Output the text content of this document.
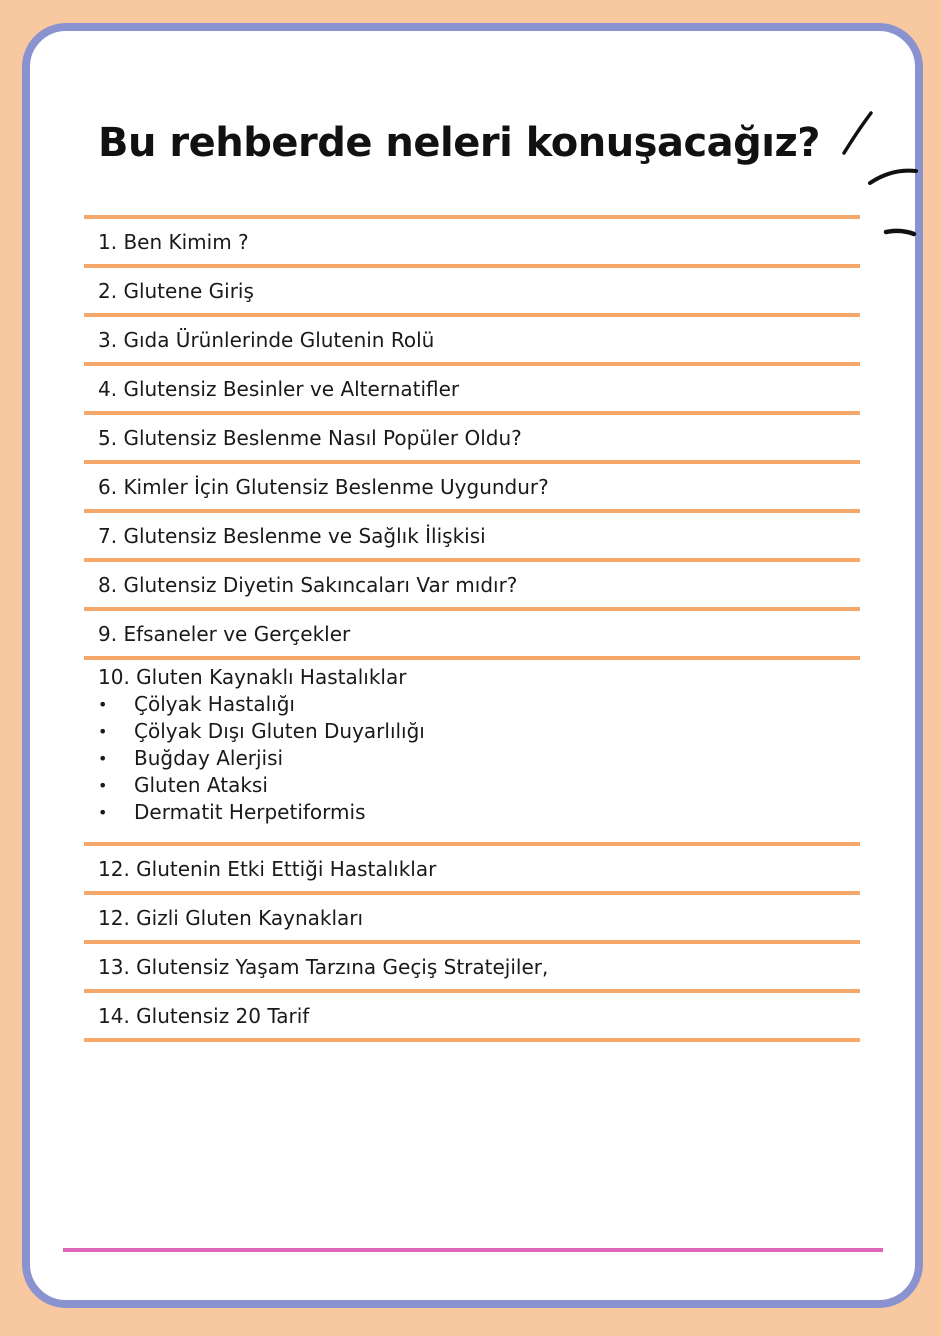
Bu rehberde neleri konuşacağız?
1. Ben Kimim ?
2. Glutene Giriş
3. Gıda Ürünlerinde Glutenin Rolü
4. Glutensiz Besinler ve Alternatifler
5. Glutensiz Beslenme Nasıl Popüler Oldu?
6. Kimler İçin Glutensiz Beslenme Uygundur?
7. Glutensiz Beslenme ve Sağlık İlişkisi
8. Glutensiz Diyetin Sakıncaları Var mıdır?
9. Efsaneler ve Gerçekler
10. Gluten Kaynaklı Hastalıklar
•	Çölyak Hastalığı
•	Çölyak Dışı Gluten Duyarlılığı
•	Buğday Alerjisi
•	Gluten Ataksi
•	Dermatit Herpetiformis
12. Glutenin Etki Ettiği Hastalıklar
12. Gizli Gluten Kaynakları
13. Glutensiz Yaşam Tarzına Geçiş Stratejiler,
14. Glutensiz 20 Tarif
